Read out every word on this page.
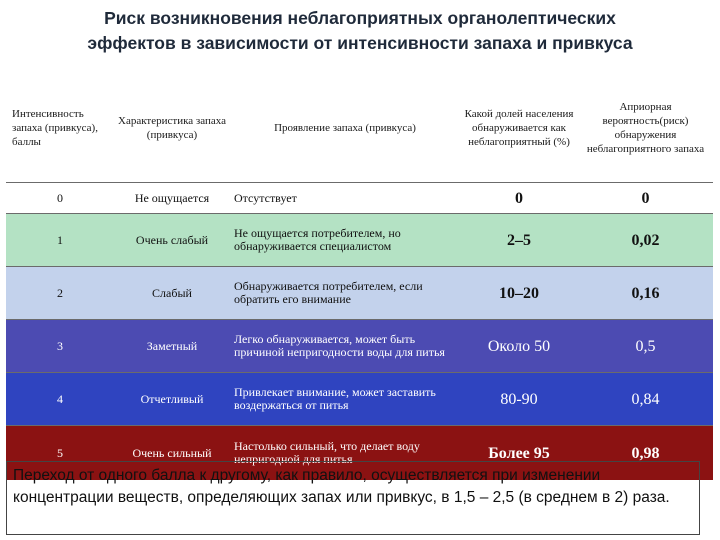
Риск возникновения неблагоприятных органолептических
эффектов в зависимости от интенсивности запаха и привкуса
Интенсивность запаха (привкуса), баллы	Характеристика запаха (привкуса)	Проявление запаха (привкуса)	Какой долей населения обнаруживается как неблагоприятный (%)	Априорная вероятность(риск) обнаружения неблагоприятного запаха
0	Не ощущается	Отсутствует	0	0
1	Очень слабый	Не ощущается потребителем, но обнаруживается специалистом	2–5	0,02
2	Слабый	Обнаруживается потребителем, если обратить его внимание	10–20	0,16
3	Заметный	Легко обнаруживается, может быть причиной непригодности воды для питья	Около 50	0,5
4	Отчетливый	Привлекает внимание, может заставить воздержаться от питья	80-90	0,84
5	Очень сильный	Настолько сильный, что делает воду непригодной для питья	Более 95	0,98
Переход от одного балла к другому, как правило, осуществляется при изменении концентрации веществ, определяющих запах или привкус, в 1,5 – 2,5 (в среднем в 2) раза.
